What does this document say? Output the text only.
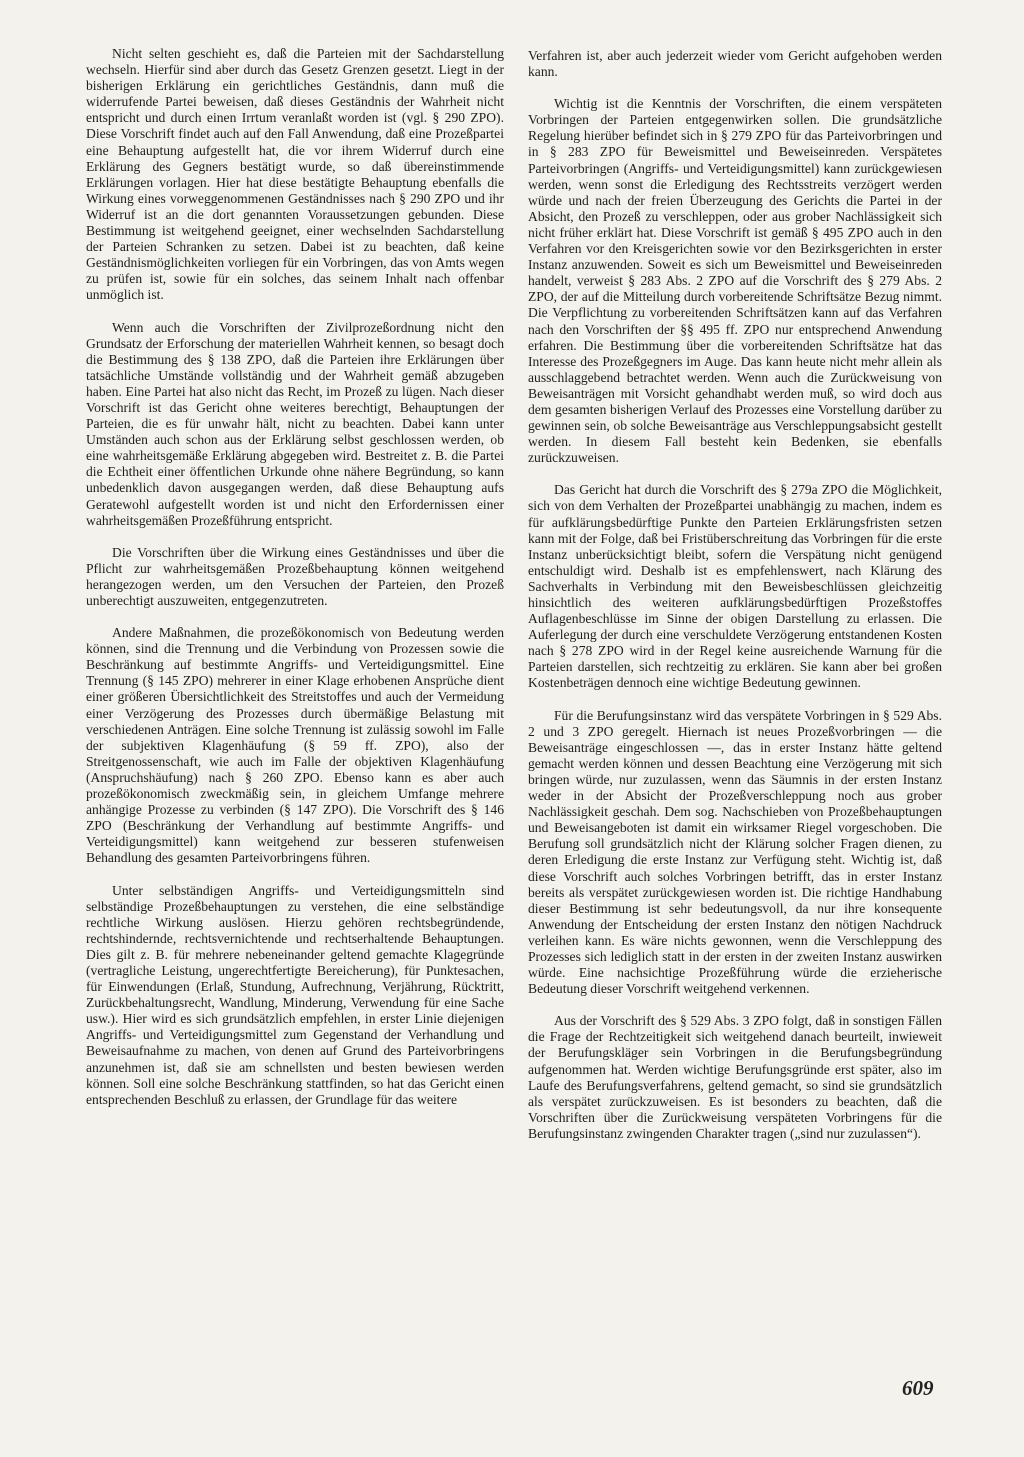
Nicht selten geschieht es, daß die Parteien mit der Sachdarstellung wechseln. Hierfür sind aber durch das Gesetz Grenzen gesetzt. Liegt in der bisherigen Erklärung ein gerichtliches Geständnis, dann muß die widerrufende Partei beweisen, daß dieses Geständnis der Wahrheit nicht entspricht und durch einen Irrtum veranlaßt worden ist (vgl. § 290 ZPO). Diese Vorschrift findet auch auf den Fall Anwendung, daß eine Prozeßpartei eine Behauptung aufgestellt hat, die vor ihrem Widerruf durch eine Erklärung des Gegners bestätigt wurde, so daß übereinstimmende Erklärungen vorlagen. Hier hat diese bestätigte Behauptung ebenfalls die Wirkung eines vorweggenommenen Geständnisses nach § 290 ZPO und ihr Widerruf ist an die dort genannten Voraussetzungen gebunden. Diese Bestimmung ist weitgehend geeignet, einer wechselnden Sachdarstellung der Parteien Schranken zu setzen. Dabei ist zu beachten, daß keine Geständnismöglichkeiten vorliegen für ein Vorbringen, das von Amts wegen zu prüfen ist, sowie für ein solches, das seinem Inhalt nach offenbar unmöglich ist.

Wenn auch die Vorschriften der Zivilprozeßordnung nicht den Grundsatz der Erforschung der materiellen Wahrheit kennen, so besagt doch die Bestimmung des § 138 ZPO, daß die Parteien ihre Erklärungen über tatsächliche Umstände vollständig und der Wahrheit gemäß abzugeben haben. Eine Partei hat also nicht das Recht, im Prozeß zu lügen. Nach dieser Vorschrift ist das Gericht ohne weiteres berechtigt, Behauptungen der Parteien, die es für unwahr hält, nicht zu beachten. Dabei kann unter Umständen auch schon aus der Erklärung selbst geschlossen werden, ob eine wahrheitsgemäße Erklärung abgegeben wird. Bestreitet z. B. die Partei die Echtheit einer öffentlichen Urkunde ohne nähere Begründung, so kann unbedenklich davon ausgegangen werden, daß diese Behauptung aufs Geratewohl aufgestellt worden ist und nicht den Erfordernissen einer wahrheitsgemäßen Prozeßführung entspricht.

Die Vorschriften über die Wirkung eines Geständnisses und über die Pflicht zur wahrheitsgemäßen Prozeßbehauptung können weitgehend herangezogen werden, um den Versuchen der Parteien, den Prozeß unberechtigt auszuweiten, entgegenzutreten.

Andere Maßnahmen, die prozeßökonomisch von Bedeutung werden können, sind die Trennung und die Verbindung von Prozessen sowie die Beschränkung auf bestimmte Angriffs- und Verteidigungsmittel. Eine Trennung (§ 145 ZPO) mehrerer in einer Klage erhobenen Ansprüche dient einer größeren Übersichtlichkeit des Streitstoffes und auch der Vermeidung einer Verzögerung des Prozesses durch übermäßige Belastung mit verschiedenen Anträgen. Eine solche Trennung ist zulässig sowohl im Falle der subjektiven Klagenhäufung (§ 59 ff. ZPO), also der Streitgenossenschaft, wie auch im Falle der objektiven Klagenhäufung (Anspruchshäufung) nach § 260 ZPO. Ebenso kann es aber auch prozeßökonomisch zweckmäßig sein, in gleichem Umfange mehrere anhängige Prozesse zu verbinden (§ 147 ZPO). Die Vorschrift des § 146 ZPO (Beschränkung der Verhandlung auf bestimmte Angriffs- und Verteidigungsmittel) kann weitgehend zur besseren stufenweisen Behandlung des gesamten Parteivorbringens führen.

Unter selbständigen Angriffs- und Verteidigungsmitteln sind selbständige Prozeßbehauptungen zu verstehen, die eine selbständige rechtliche Wirkung auslösen. Hierzu gehören rechtsbegründende, rechtshindernde, rechtsvernichtende und rechtserhaltende Behauptungen. Dies gilt z. B. für mehrere nebeneinander geltend gemachte Klagegründe (vertragliche Leistung, ungerechtfertigte Bereicherung), für Punktesachen, für Einwendungen (Erlaß, Stundung, Aufrechnung, Verjährung, Rücktritt, Zurückbehaltungsrecht, Wandlung, Minderung, Verwendung für eine Sache usw.). Hier wird es sich grundsätzlich empfehlen, in erster Linie diejenigen Angriffs- und Verteidigungsmittel zum Gegenstand der Verhandlung und Beweisaufnahme zu machen, von denen auf Grund des Parteivorbringens anzunehmen ist, daß sie am schnellsten und besten bewiesen werden können. Soll eine solche Beschränkung stattfinden, so hat das Gericht einen entsprechenden Beschluß zu erlassen, der Grundlage für das weitere

Verfahren ist, aber auch jederzeit wieder vom Gericht aufgehoben werden kann.

Wichtig ist die Kenntnis der Vorschriften, die einem verspäteten Vorbringen der Parteien entgegenwirken sollen. Die grundsätzliche Regelung hierüber befindet sich in § 279 ZPO für das Parteivorbringen und in § 283 ZPO für Beweismittel und Beweiseinreden. Verspätetes Parteivorbringen (Angriffs- und Verteidigungsmittel) kann zurückgewiesen werden, wenn sonst die Erledigung des Rechtsstreits verzögert werden würde und nach der freien Überzeugung des Gerichts die Partei in der Absicht, den Prozeß zu verschleppen, oder aus grober Nachlässigkeit sich nicht früher erklärt hat. Diese Vorschrift ist gemäß § 495 ZPO auch in den Verfahren vor den Kreisgerichten sowie vor den Bezirksgerichten in erster Instanz anzuwenden. Soweit es sich um Beweismittel und Beweiseinreden handelt, verweist § 283 Abs. 2 ZPO auf die Vorschrift des § 279 Abs. 2 ZPO, der auf die Mitteilung durch vorbereitende Schriftsätze Bezug nimmt. Die Verpflichtung zu vorbereitenden Schriftsätzen kann auf das Verfahren nach den Vorschriften der §§ 495 ff. ZPO nur entsprechend Anwendung erfahren. Die Bestimmung über die vorbereitenden Schriftsätze hat das Interesse des Prozeßgegners im Auge. Das kann heute nicht mehr allein als ausschlaggebend betrachtet werden. Wenn auch die Zurückweisung von Beweisanträgen mit Vorsicht gehandhabt werden muß, so wird doch aus dem gesamten bisherigen Verlauf des Prozesses eine Vorstellung darüber zu gewinnen sein, ob solche Beweisanträge aus Verschleppungsabsicht gestellt werden. In diesem Fall besteht kein Bedenken, sie ebenfalls zurückzuweisen.

Das Gericht hat durch die Vorschrift des § 279a ZPO die Möglichkeit, sich von dem Verhalten der Prozeßpartei unabhängig zu machen, indem es für aufklärungsbedürftige Punkte den Parteien Erklärungsfristen setzen kann mit der Folge, daß bei Fristüberschreitung das Vorbringen für die erste Instanz unberücksichtigt bleibt, sofern die Verspätung nicht genügend entschuldigt wird. Deshalb ist es empfehlenswert, nach Klärung des Sachverhalts in Verbindung mit den Beweisbeschlüssen gleichzeitig hinsichtlich des weiteren aufklärungsbedürftigen Prozeßstoffes Auflagenbeschlüsse im Sinne der obigen Darstellung zu erlassen. Die Auferlegung der durch eine verschuldete Verzögerung entstandenen Kosten nach § 278 ZPO wird in der Regel keine ausreichende Warnung für die Parteien darstellen, sich rechtzeitig zu erklären. Sie kann aber bei großen Kostenbeträgen dennoch eine wichtige Bedeutung gewinnen.

Für die Berufungsinstanz wird das verspätete Vorbringen in § 529 Abs. 2 und 3 ZPO geregelt. Hiernach ist neues Prozeßvorbringen — die Beweisanträge eingeschlossen —, das in erster Instanz hätte geltend gemacht werden können und dessen Beachtung eine Verzögerung mit sich bringen würde, nur zuzulassen, wenn das Säumnis in der ersten Instanz weder in der Absicht der Prozeßverschleppung noch aus grober Nachlässigkeit geschah. Dem sog. Nachschieben von Prozeßbehauptungen und Beweisangeboten ist damit ein wirksamer Riegel vorgeschoben. Die Berufung soll grundsätzlich nicht der Klärung solcher Fragen dienen, zu deren Erledigung die erste Instanz zur Verfügung steht. Wichtig ist, daß diese Vorschrift auch solches Vorbringen betrifft, das in erster Instanz bereits als verspätet zurückgewiesen worden ist. Die richtige Handhabung dieser Bestimmung ist sehr bedeutungsvoll, da nur ihre konsequente Anwendung der Entscheidung der ersten Instanz den nötigen Nachdruck verleihen kann. Es wäre nichts gewonnen, wenn die Verschleppung des Prozesses sich lediglich statt in der ersten in der zweiten Instanz auswirken würde. Eine nachsichtige Prozeßführung würde die erzieherische Bedeutung dieser Vorschrift weitgehend verkennen.

Aus der Vorschrift des § 529 Abs. 3 ZPO folgt, daß in sonstigen Fällen die Frage der Rechtzeitigkeit sich weitgehend danach beurteilt, inwieweit der Berufungskläger sein Vorbringen in die Berufungsbegründung aufgenommen hat. Werden wichtige Berufungsgründe erst später, also im Laufe des Berufungsverfahrens, geltend gemacht, so sind sie grundsätzlich als verspätet zurückzuweisen. Es ist besonders zu beachten, daß die Vorschriften über die Zurückweisung verspäteten Vorbringens für die Berufungsinstanz zwingenden Charakter tragen („sind nur zuzulassen“).

609
